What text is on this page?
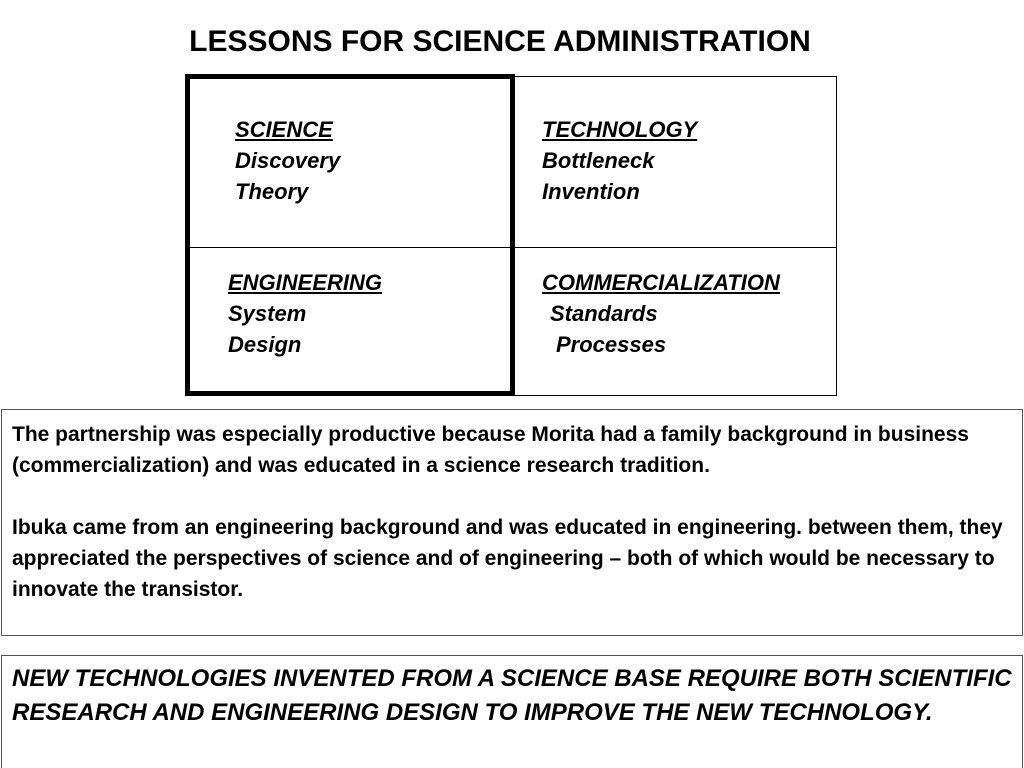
LESSONS FOR SCIENCE ADMINISTRATION
SCIENCE
Discovery
Theory
TECHNOLOGY
Bottleneck
Invention
ENGINEERING
System
Design
COMMERCIALIZATION
Standards
Processes

The partnership was especially productive because Morita had a family background in business (commercialization) and was educated in a science research tradition.

Ibuka came from an engineering background and was educated in engineering. between them, they appreciated the perspectives of science and of engineering – both of which would be necessary to innovate the transistor.

NEW TECHNOLOGIES INVENTED FROM A SCIENCE BASE REQUIRE BOTH SCIENTIFIC RESEARCH AND ENGINEERING DESIGN TO IMPROVE THE NEW TECHNOLOGY.
